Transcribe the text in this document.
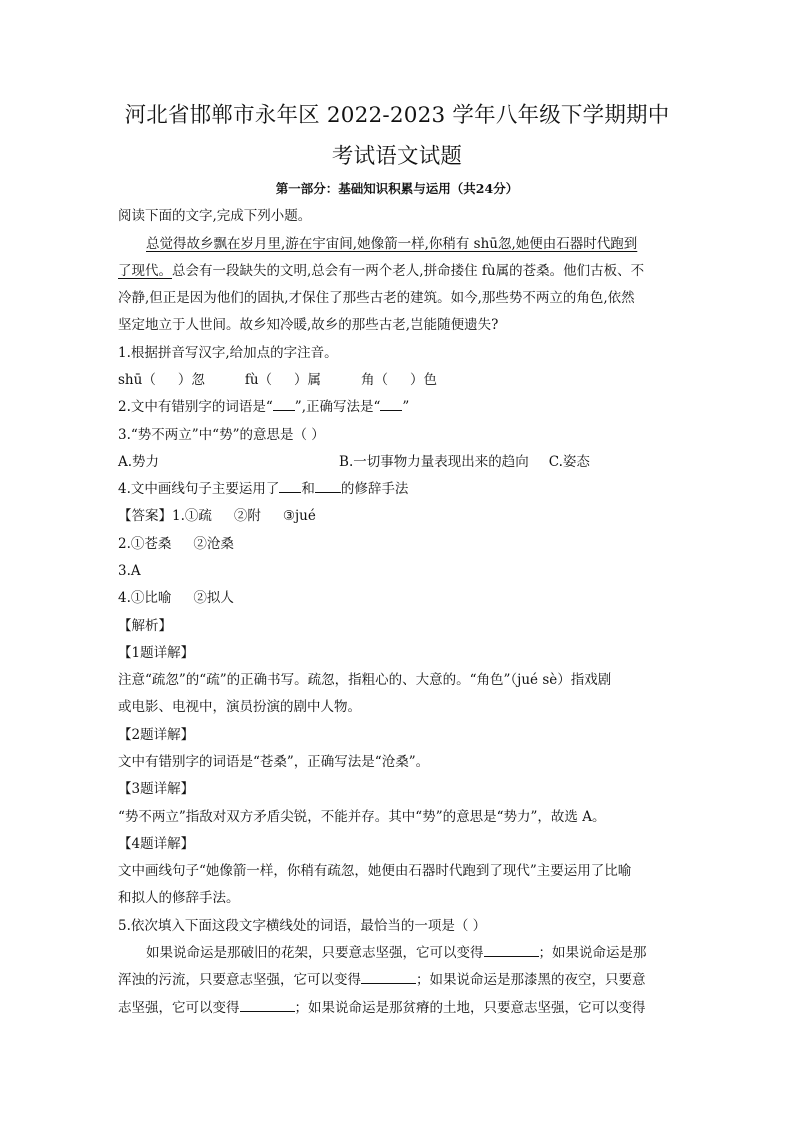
河北省邯郸市永年区 2022-2023 学年八年级下学期期中
考试语文试题
第一部分：基础知识积累与运用（共24分）
阅读下面的文字,完成下列小题。
总觉得故乡飘在岁月里,游在宇宙间,她像箭一样,你稍有 shū忽,她便由石器时代跑到
了现代。总会有一段缺失的文明,总会有一两个老人,拼命搂住 fù属的苍桑。他们古板、不
冷静,但正是因为他们的固执,才保住了那些古老的建筑。如今,那些势不两立的角色,依然
坚定地立于人世间。故乡知冷暖,故乡的那些古老,岂能随便遗失?
1.根据拼音写汉字,给加点的字注音。
shū（ ）忽	fù（ ）属	角（ ）色
2.文中有错别字的词语是“ ”,正确写法是“ ”
3.“势不两立”中“势”的意思是（ ）
A.势力	B.一切事物力量表现出来的趋向 C.姿态
4.文中画线句子主要运用了 和 的修辞手法
【答案】1.①疏 ②附 ③jué
2.①苍桑 ②沧桑
3.A
4.①比喻 ②拟人
【解析】
【1题详解】
注意“疏忽”的“疏”的正确书写。疏忽，指粗心的、大意的。“角色”（jué sè）指戏剧
或电影、电视中，演员扮演的剧中人物。
【2题详解】
文中有错别字的词语是“苍桑”，正确写法是“沧桑”。
【3题详解】
“势不两立”指敌对双方矛盾尖锐，不能并存。其中“势”的意思是“势力”，故选 A。
【4题详解】
文中画线句子“她像箭一样，你稍有疏忽，她便由石器时代跑到了现代”主要运用了比喻
和拟人的修辞手法。
5.依次填入下面这段文字横线处的词语，最恰当的一项是（ ）
如果说命运是那破旧的花架，只要意志坚强，它可以变得	；如果说命运是那
浑浊的污流，只要意志坚强，它可以变得	；如果说命运是那漆黑的夜空，只要意
志坚强，它可以变得	；如果说命运是那贫瘠的土地，只要意志坚强，它可以变得
